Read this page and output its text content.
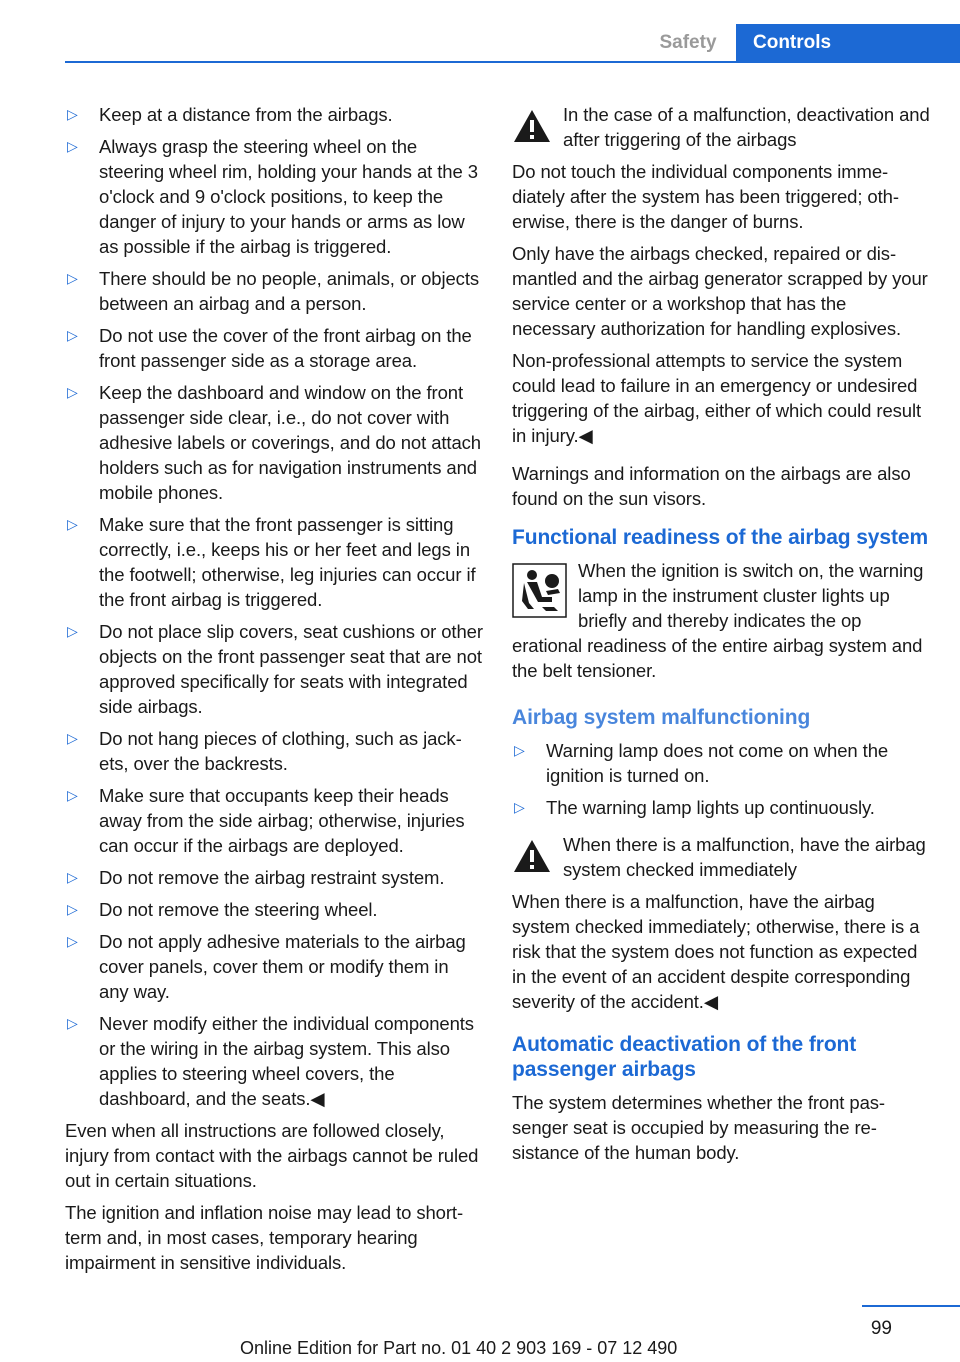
Safety	Controls
▷ Keep at a distance from the airbags.
▷ Always grasp the steering wheel on the steering wheel rim, holding your hands at the 3 o'clock and 9 o'clock positions, to keep the danger of injury to your hands or arms as low as possible if the airbag is triggered.
▷ There should be no people, animals, or objects between an airbag and a person.
▷ Do not use the cover of the front airbag on the front passenger side as a storage area.
▷ Keep the dashboard and window on the front passenger side clear, i.e., do not cover with adhesive labels or coverings, and do not attach holders such as for navigation instruments and mobile phones.
▷ Make sure that the front passenger is sitting correctly, i.e., keeps his or her feet and legs in the footwell; otherwise, leg injuries can occur if the front airbag is triggered.
▷ Do not place slip covers, seat cushions or other objects on the front passenger seat that are not approved specifically for seats with integrated side airbags.
▷ Do not hang pieces of clothing, such as jackets, over the backrests.
▷ Make sure that occupants keep their heads away from the side airbag; otherwise, injuries can occur if the airbags are deployed.
▷ Do not remove the airbag restraint system.
▷ Do not remove the steering wheel.
▷ Do not apply adhesive materials to the airbag cover panels, cover them or modify them in any way.
▷ Never modify either the individual components or the wiring in the airbag system. This also applies to steering wheel covers, the dashboard, and the seats.◀

Even when all instructions are followed closely, injury from contact with the airbags cannot be ruled out in certain situations.

The ignition and inflation noise may lead to short-term and, in most cases, temporary hearing impairment in sensitive individuals.

In the case of a malfunction, deactivation and after triggering of the airbags

Do not touch the individual components immediately after the system has been triggered; otherwise, there is the danger of burns.

Only have the airbags checked, repaired or dismantled and the airbag generator scrapped by your service center or a workshop that has the necessary authorization for handling explosives.

Non-professional attempts to service the system could lead to failure in an emergency or undesired triggering of the airbag, either of which could result in injury.◀

Warnings and information on the airbags are also found on the sun visors.

Functional readiness of the airbag system
When the ignition is switch on, the warning lamp in the instrument cluster lights up briefly and thereby indicates the op

erational readiness of the entire airbag system and the belt tensioner.

Airbag system malfunctioning
▷ Warning lamp does not come on when the ignition is turned on.
▷ The warning lamp lights up continuously.
When there is a malfunction, have the airbag system checked immediately

When there is a malfunction, have the airbag system checked immediately; otherwise, there is a risk that the system does not function as expected in the event of an accident despite corresponding severity of the accident.◀

Automatic deactivation of the front passenger airbags

The system determines whether the front passenger seat is occupied by measuring the resistance of the human body.

99
Online Edition for Part no. 01 40 2 903 169 - 07 12 490
